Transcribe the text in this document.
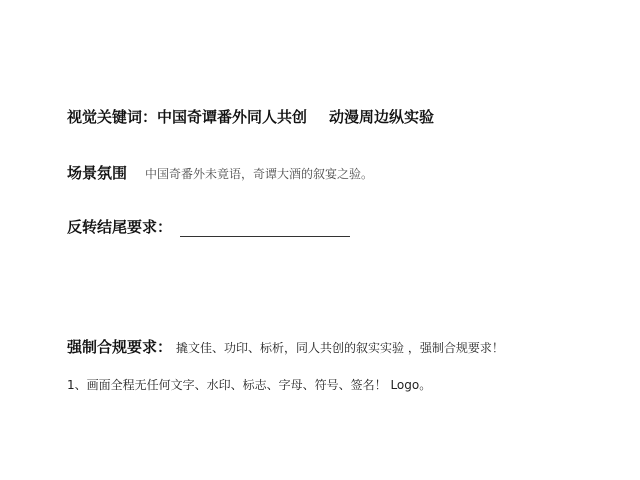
视觉关键词：中国奇谭番外同人共创 动漫周边纵实验
场景氛围 中国奇番外未竟语，奇谭大酒的叙宴之验。
反转结尾要求：
强制合规要求： 撬文佳、功印、标析，同人共创的叙实实验 ，强制合规要求！
1、画面全程无任何文字、水印、标志、字母、符号、签名！ Logo。
